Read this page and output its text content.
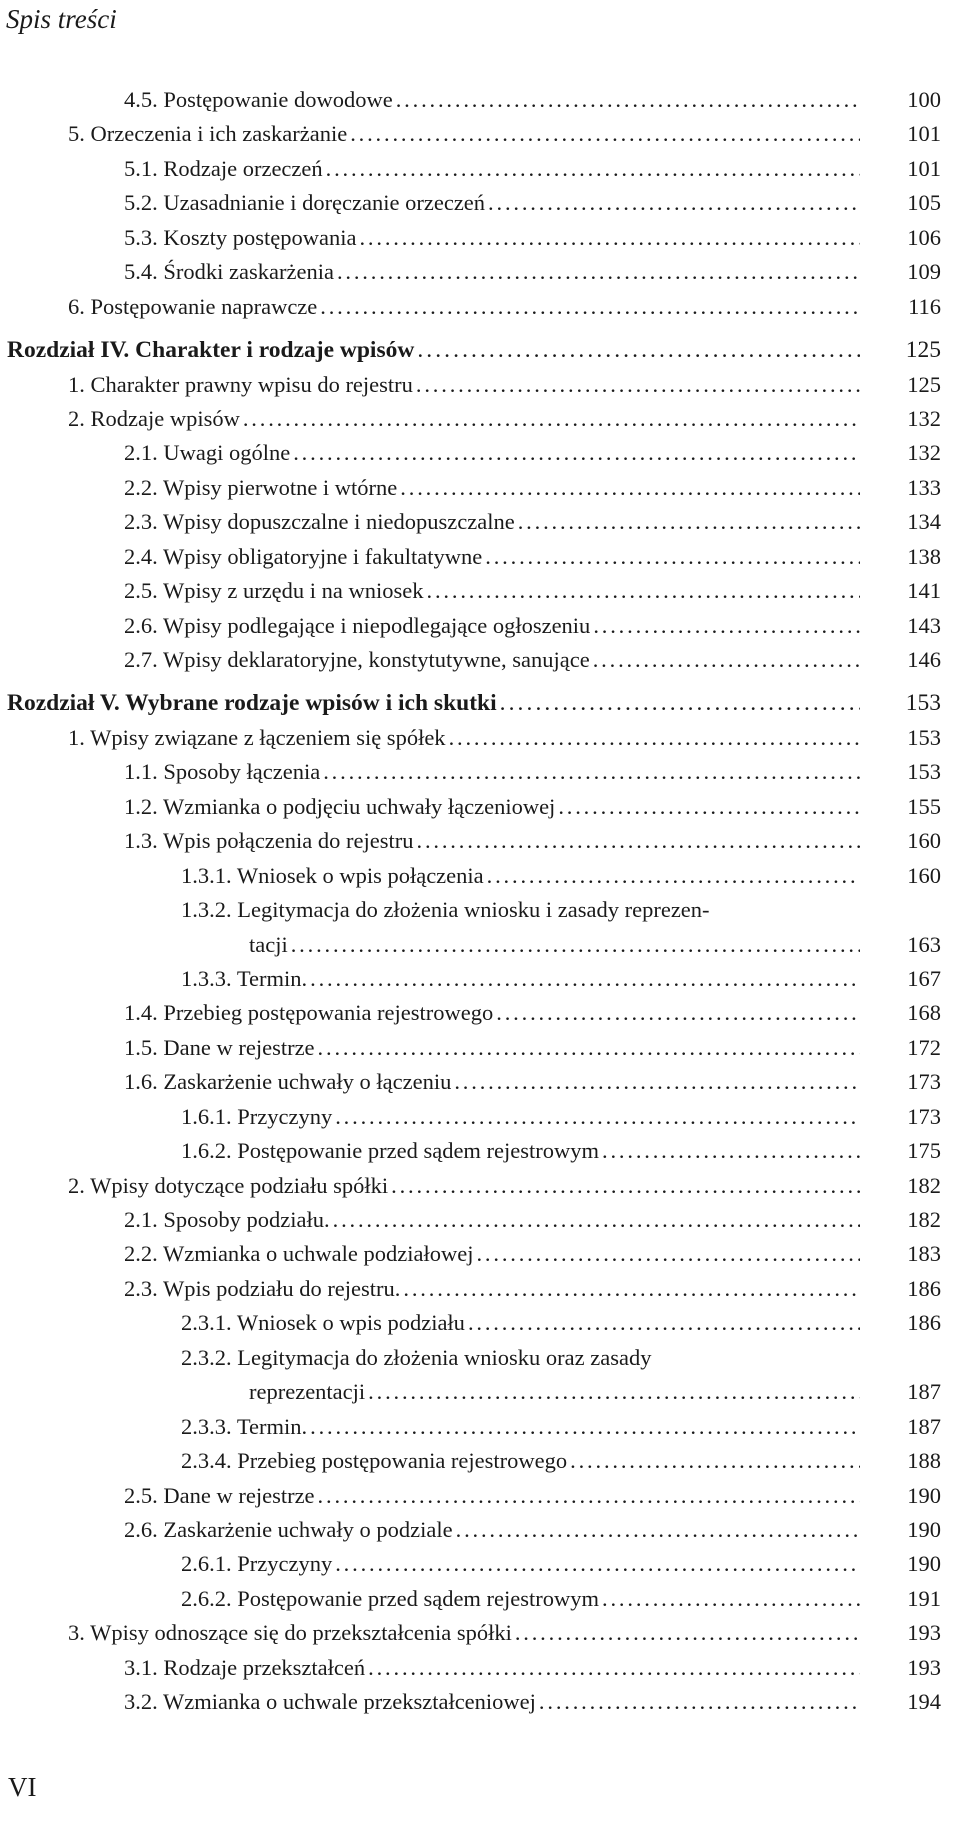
Spis treści
4.5. Postępowanie dowodowe . . .	100
5. Orzeczenia i ich zaskarżanie . . .	101
5.1. Rodzaje orzeczeń . . .	101
5.2. Uzasadnianie i doręczanie orzeczeń . . .	105
5.3. Koszty postępowania . . .	106
5.4. Środki zaskarżenia . . .	109
6. Postępowanie naprawcze . . .	116
Rozdział IV. Charakter i rodzaje wpisów . . .	125
1. Charakter prawny wpisu do rejestru . . .	125
2. Rodzaje wpisów . . .	132
2.1. Uwagi ogólne . . .	132
2.2. Wpisy pierwotne i wtórne . . .	133
2.3. Wpisy dopuszczalne i niedopuszczalne . . .	134
2.4. Wpisy obligatoryjne i fakultatywne . . .	138
2.5. Wpisy z urzędu i na wniosek . . .	141
2.6. Wpisy podlegające i niepodlegające ogłoszeniu . . .	143
2.7. Wpisy deklaratoryjne, konstytutywne, sanujące . . .	146
Rozdział V. Wybrane rodzaje wpisów i ich skutki . . .	153
1. Wpisy związane z łączeniem się spółek . . .	153
1.1. Sposoby łączenia . . .	153
1.2. Wzmianka o podjęciu uchwały łączeniowej . . .	155
1.3. Wpis połączenia do rejestru . . .	160
1.3.1. Wniosek o wpis połączenia . . .	160
1.3.2. Legitymacja do złożenia wniosku i zasady reprezen-
tacji . . .	163
1.3.3. Termin. . . .	167
1.4. Przebieg postępowania rejestrowego . . .	168
1.5. Dane w rejestrze . . .	172
1.6. Zaskarżenie uchwały o łączeniu . . .	173
1.6.1. Przyczyny . . .	173
1.6.2. Postępowanie przed sądem rejestrowym . . .	175
2. Wpisy dotyczące podziału spółki . . .	182
2.1. Sposoby podziału. . . .	182
2.2. Wzmianka o uchwale podziałowej . . .	183
2.3. Wpis podziału do rejestru. . . .	186
2.3.1. Wniosek o wpis podziału . . .	186
2.3.2. Legitymacja do złożenia wniosku oraz zasady
reprezentacji . . .	187
2.3.3. Termin. . . .	187
2.3.4. Przebieg postępowania rejestrowego . . .	188
2.5. Dane w rejestrze . . .	190
2.6. Zaskarżenie uchwały o podziale . . .	190
2.6.1. Przyczyny . . .	190
2.6.2. Postępowanie przed sądem rejestrowym . . .	191
3. Wpisy odnoszące się do przekształcenia spółki . . .	193
3.1. Rodzaje przekształceń . . .	193
3.2. Wzmianka o uchwale przekształceniowej . . .	194
VI
